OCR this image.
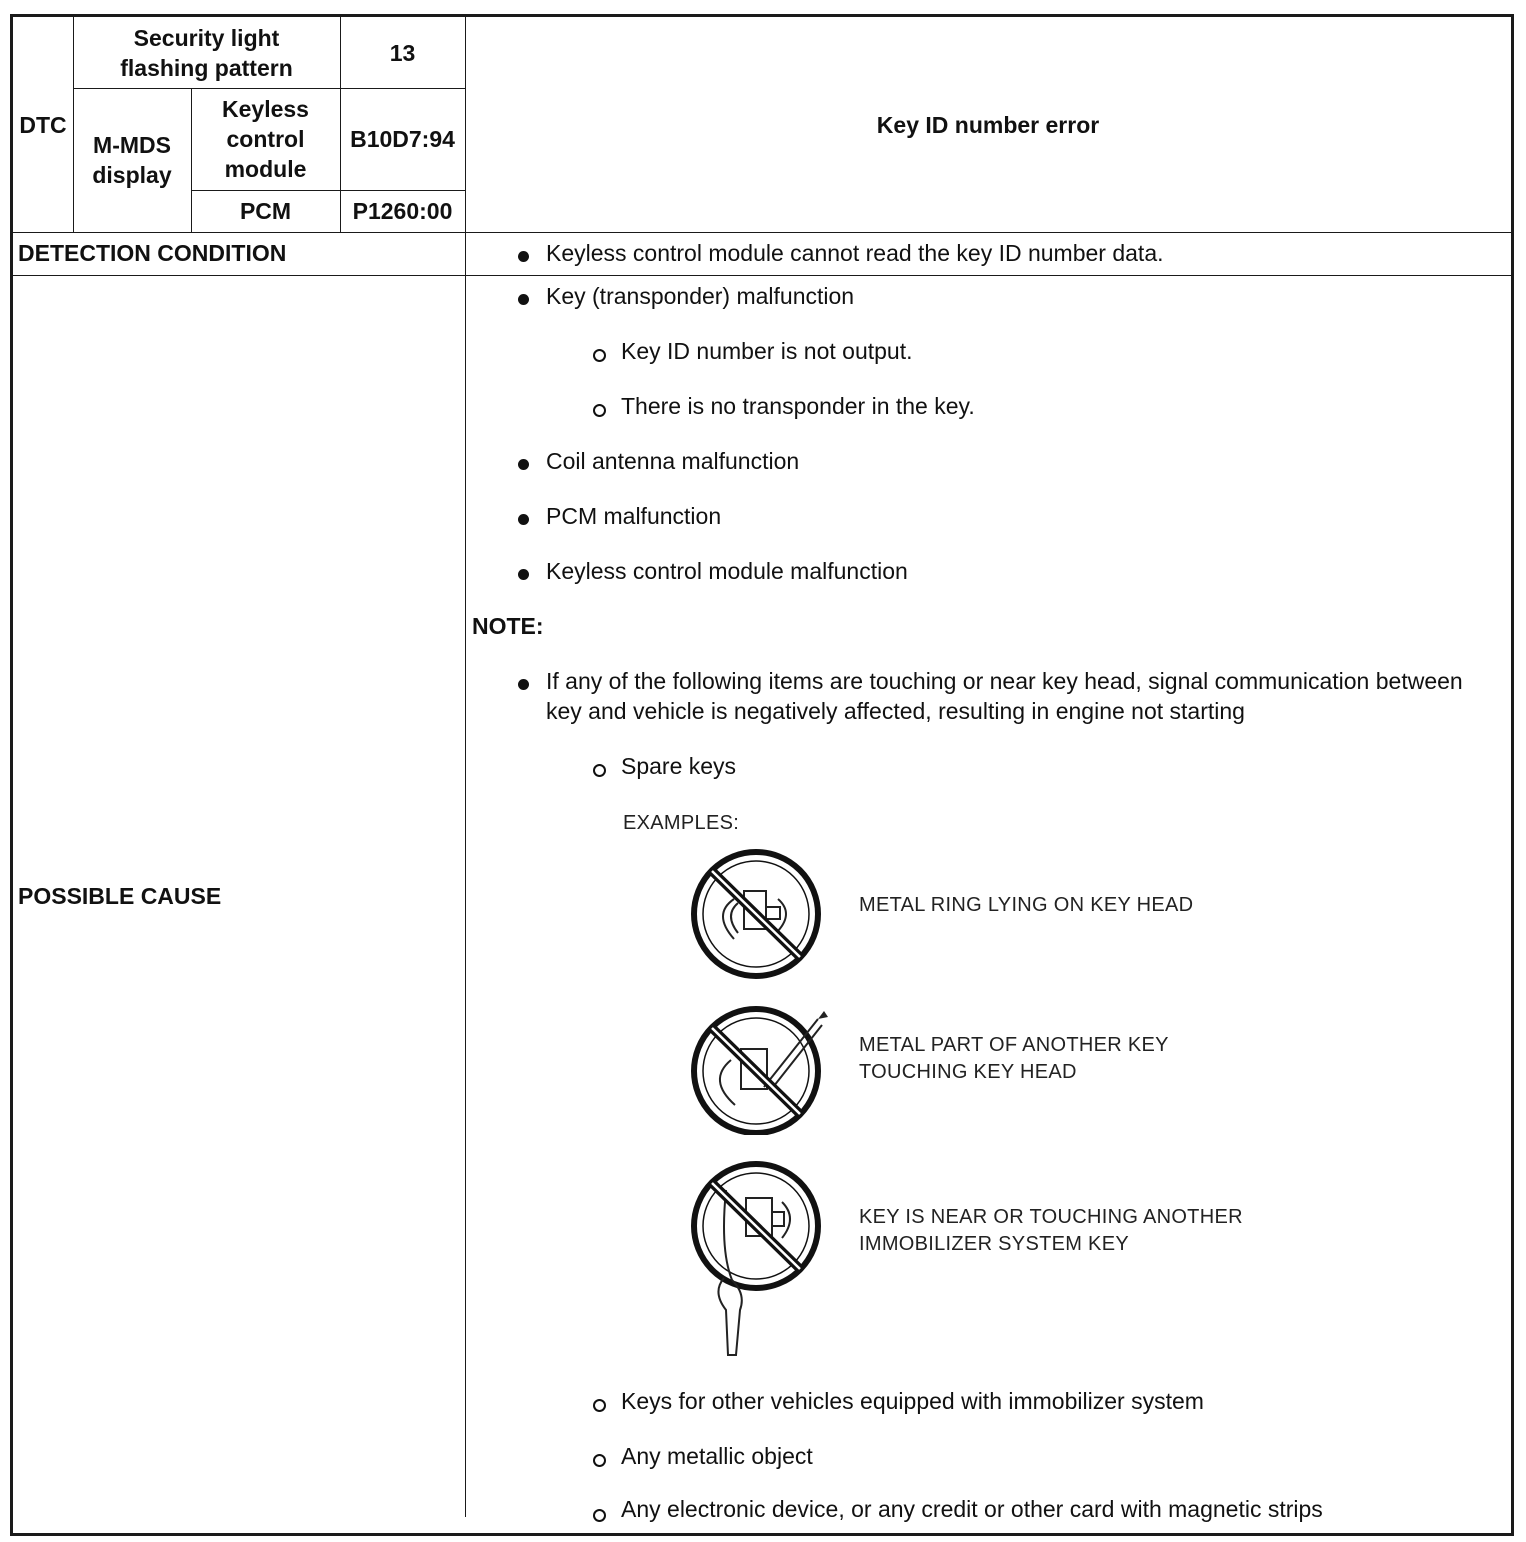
DTC
Security light flashing pattern
13
M-MDS display
Keyless control module
B10D7:94
PCM	P1260:00
Key ID number error
DETECTION CONDITION	Keyless control module cannot read the key ID number data.
POSSIBLE CAUSE
Key (transponder) malfunction
Key ID number is not output.
There is no transponder in the key.
Coil antenna malfunction
PCM malfunction
Keyless control module malfunction
NOTE:
If any of the following items are touching or near key head, signal communication between key and vehicle is negatively affected, resulting in engine not starting
Spare keys
EXAMPLES:
METAL RING LYING ON KEY HEAD
METAL PART OF ANOTHER KEY TOUCHING KEY HEAD
KEY IS NEAR OR TOUCHING ANOTHER IMMOBILIZER SYSTEM KEY
Keys for other vehicles equipped with immobilizer system
Any metallic object
Any electronic device, or any credit or other card with magnetic strips
